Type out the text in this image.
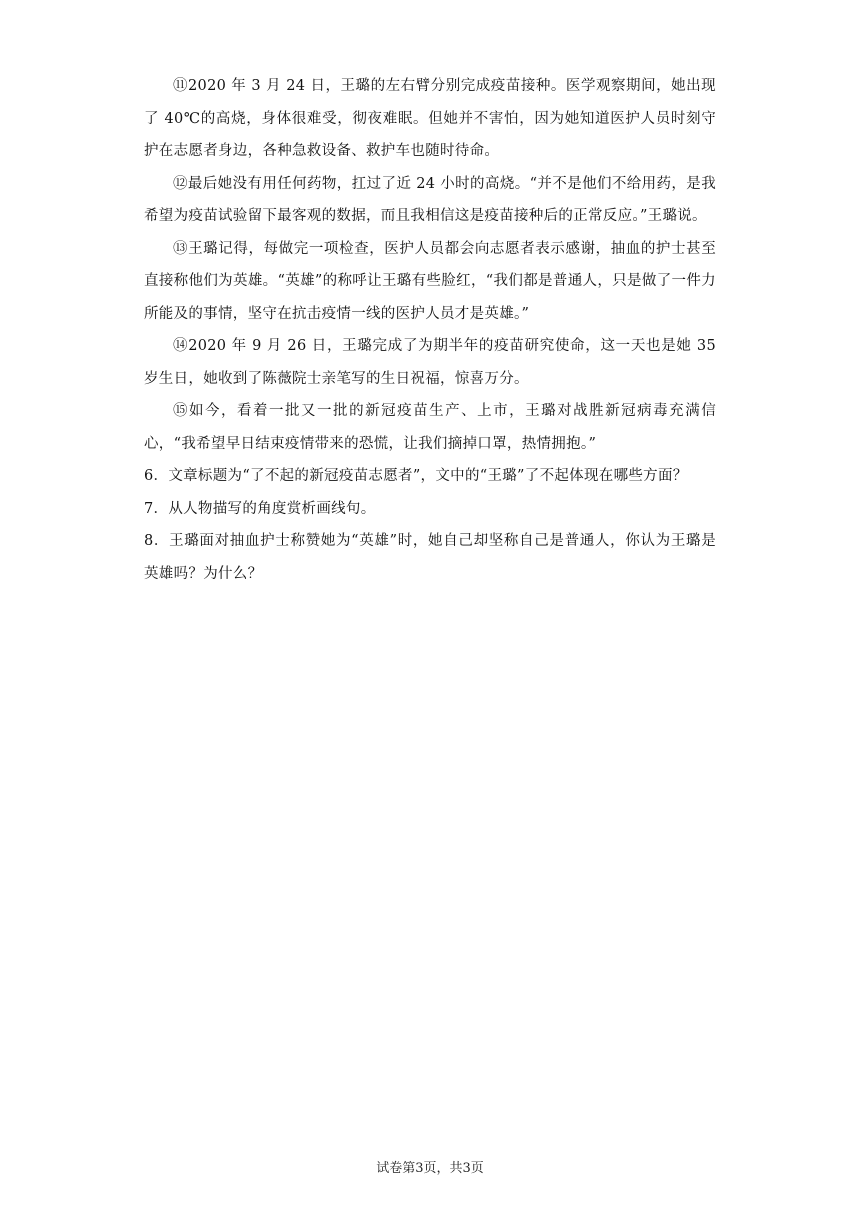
⑪2020 年 3 月 24 日，王璐的左右臂分别完成疫苗接种。医学观察期间，她出现了 40℃的高烧，身体很难受，彻夜难眠。但她并不害怕，因为她知道医护人员时刻守护在志愿者身边，各种急救设备、救护车也随时待命。

⑫最后她没有用任何药物，扛过了近 24 小时的高烧。“并不是他们不给用药，是我希望为疫苗试验留下最客观的数据，而且我相信这是疫苗接种后的正常反应。”王璐说。

⑬王璐记得，每做完一项检查，医护人员都会向志愿者表示感谢，抽血的护士甚至直接称他们为英雄。“英雄”的称呼让王璐有些脸红，“我们都是普通人，只是做了一件力所能及的事情，坚守在抗击疫情一线的医护人员才是英雄。”

⑭2020 年 9 月 26 日，王璐完成了为期半年的疫苗研究使命，这一天也是她 35 岁生日，她收到了陈薇院士亲笔写的生日祝福，惊喜万分。

⑮如今，看着一批又一批的新冠疫苗生产、上市，王璐对战胜新冠病毒充满信心，“我希望早日结束疫情带来的恐慌，让我们摘掉口罩，热情拥抱。”

6．文章标题为“了不起的新冠疫苗志愿者”，文中的“王璐”了不起体现在哪些方面？

7．从人物描写的角度赏析画线句。

8．王璐面对抽血护士称赞她为“英雄”时，她自己却坚称自己是普通人，你认为王璐是英雄吗？为什么？

试卷第3页，共3页
